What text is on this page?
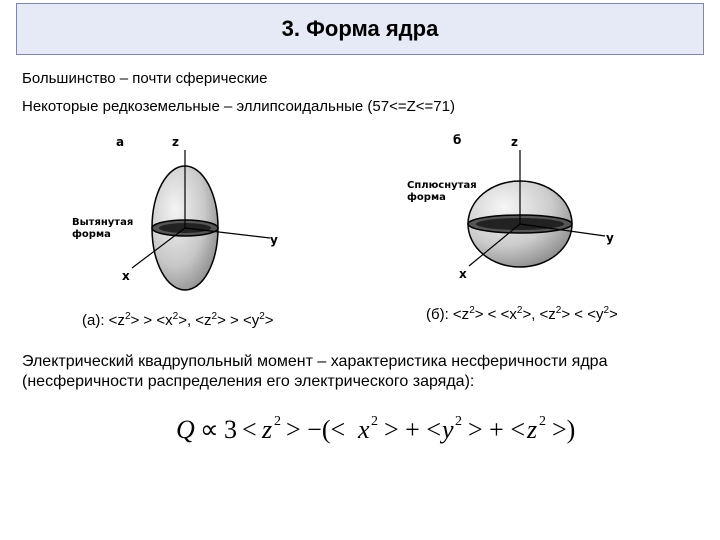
3. Форма ядра
Большинство – почти сферические
Некоторые редкоземельные – эллипсоидальные (57<=Z<=71)
а	z
y
x
Вытянутая
форма
б	z
y
x
Сплюснутая
форма
(а): $<z^2> > <x^2>$, $<z^2> > <y^2>$	(б): $<z^2> < <x^2>$, $<z^2> < <y^2>$
Электрический квадрупольный момент – характеристика несферичности ядра
(несферичности распределения его электрического заряда):
Q ∝ 3 < z 2 > −(< x 2 > + < y 2 > + < z 2 >)
